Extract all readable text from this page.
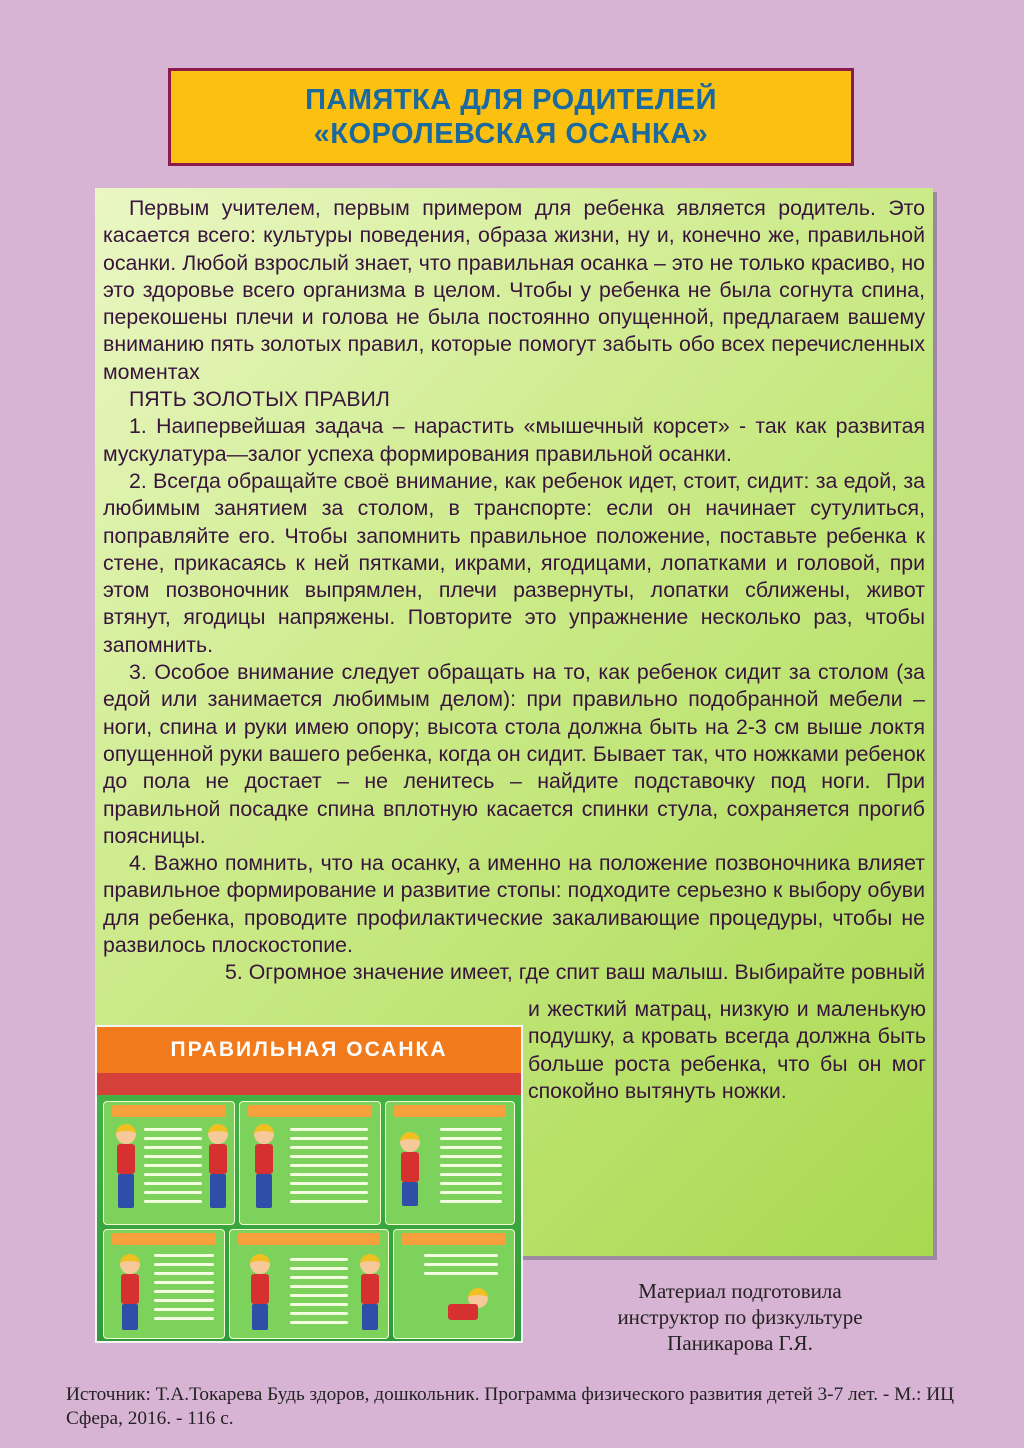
ПАМЯТКА ДЛЯ РОДИТЕЛЕЙ
«КОРОЛЕВСКАЯ ОСАНКА»

Первым учителем, первым примером для ребенка является родитель. Это касается всего: культуры поведения, образа жизни, ну и, конечно же, правильной осанки. Любой взрослый знает, что правильная осанка – это не только красиво, но это здоровье всего организма в целом. Чтобы у ребенка не была согнута спина, перекошены плечи и голова не была постоянно опущенной, предлагаем вашему вниманию пять золотых правил, которые помогут забыть обо всех перечисленных моментах

ПЯТЬ ЗОЛОТЫХ ПРАВИЛ

1. Наипервейшая задача – нарастить «мышечный корсет» - так как развитая мускулатура—залог успеха формирования правильной осанки.

2. Всегда обращайте своё внимание, как ребенок идет, стоит, сидит: за едой, за любимым занятием за столом, в транспорте: если он начинает сутулиться, поправляйте его. Чтобы запомнить правильное положение, поставьте ребенка к стене, прикасаясь к ней пятками, икрами, ягодицами, лопатками и головой, при этом позвоночник выпрямлен, плечи развернуты, лопатки сближены, живот втянут, ягодицы напряжены. Повторите это упражнение несколько раз, чтобы запомнить.

3. Особое внимание следует обращать на то, как ребенок сидит за столом (за едой или занимается любимым делом): при правильно подобранной мебели – ноги, спина и руки имею опору; высота стола должна быть на 2-3 см выше локтя опущенной руки вашего ребенка, когда он сидит. Бывает так, что ножками ребенок до пола не достает – не ленитесь – найдите подставочку под ноги. При правильной посадке спина вплотную касается спинки стула, сохраняется прогиб поясницы.

4. Важно помнить, что на осанку, а именно на положение позвоночника влияет правильное формирование и развитие стопы: подходите серьезно к выбору обуви для ребенка, проводите профилактические закаливающие процедуры, чтобы не развилось плоскостопие.

5. Огромное значение имеет, где спит ваш малыш. Выбирайте ровный

и жесткий матрац, низкую и маленькую подушку, а кровать всегда должна быть больше роста ребенка, что бы он мог спокойно вытянуть ножки.
ПРАВИЛЬНАЯ ОСАНКА
Материал подготовила
инструктор по физкультуре
Паникарова Г.Я.
Источник: Т.А.Токарева Будь здоров, дошкольник. Программа физического развития детей 3-7 лет. - М.: ИЦ Сфера, 2016. - 116 с.
